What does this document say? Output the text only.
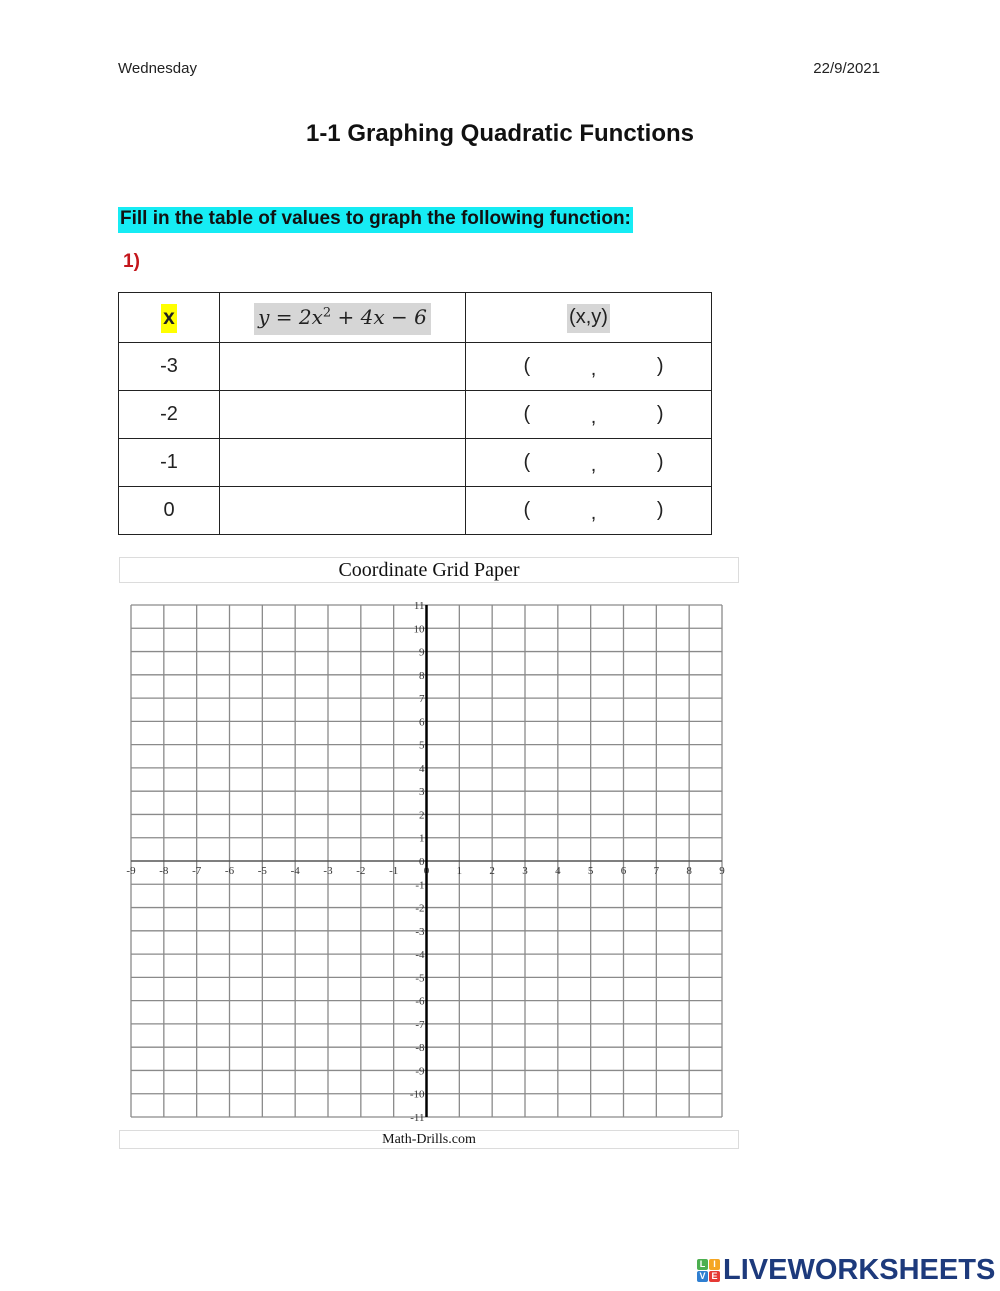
Wednesday	22/9/2021
1-1 Graphing Quadratic Functions
Fill in the table of values to graph the following function:
1)
x	$y = 2x^2 + 4x - 6$	(x,y)
-3		( , )

-2		( , )

-1		( , )

0		( , )
Coordinate Grid Paper
-9 -8 -7 -6 -5 -4 -3 -2 -1 0 1 2 3 4 5 6 7 8 9
11
10
9
8
7
6
5
4
3
2
1
0
-1
-2
-3
-4
-5
-6
-7
-8
-9
-10
-11
Math-Drills.com
L I
V E LIVEWORKSHEETS
